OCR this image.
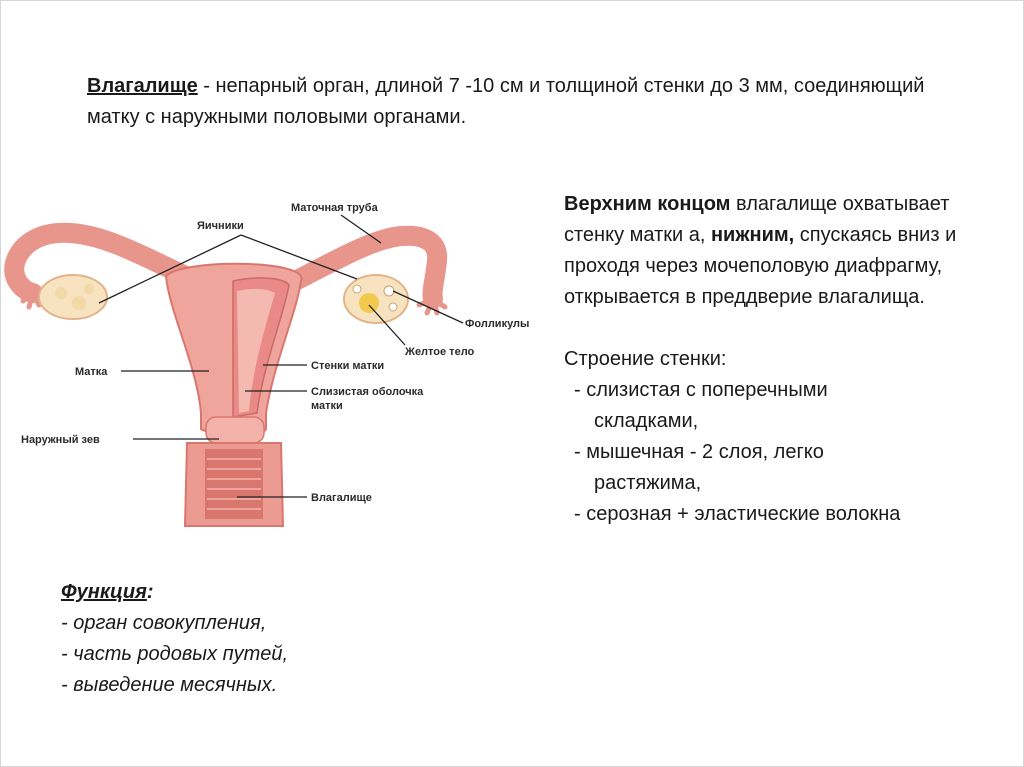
Влагалище - непарный орган, длиной 7 -10 см и толщиной стенки до 3 мм, соединяющий матку с наружными половыми органами.
Маточная труба
Яичники
Фолликулы
Желтое тело
Стенки матки
Слизистая оболочка
матки
Матка
Наружный зев
Влагалище

Верхним концом влагалище охватывает стенку матки а, нижним, спускаясь вниз и проходя через мочеполовую диафрагму, открывается в преддверие влагалища.

Строение стенки:

- слизистая с поперечными
складками,

- мышечная - 2 слоя, легко
растяжима,

- серозная + эластические волокна

Функция:
- орган совокупления,
- часть родовых путей,
- выведение месячных.
